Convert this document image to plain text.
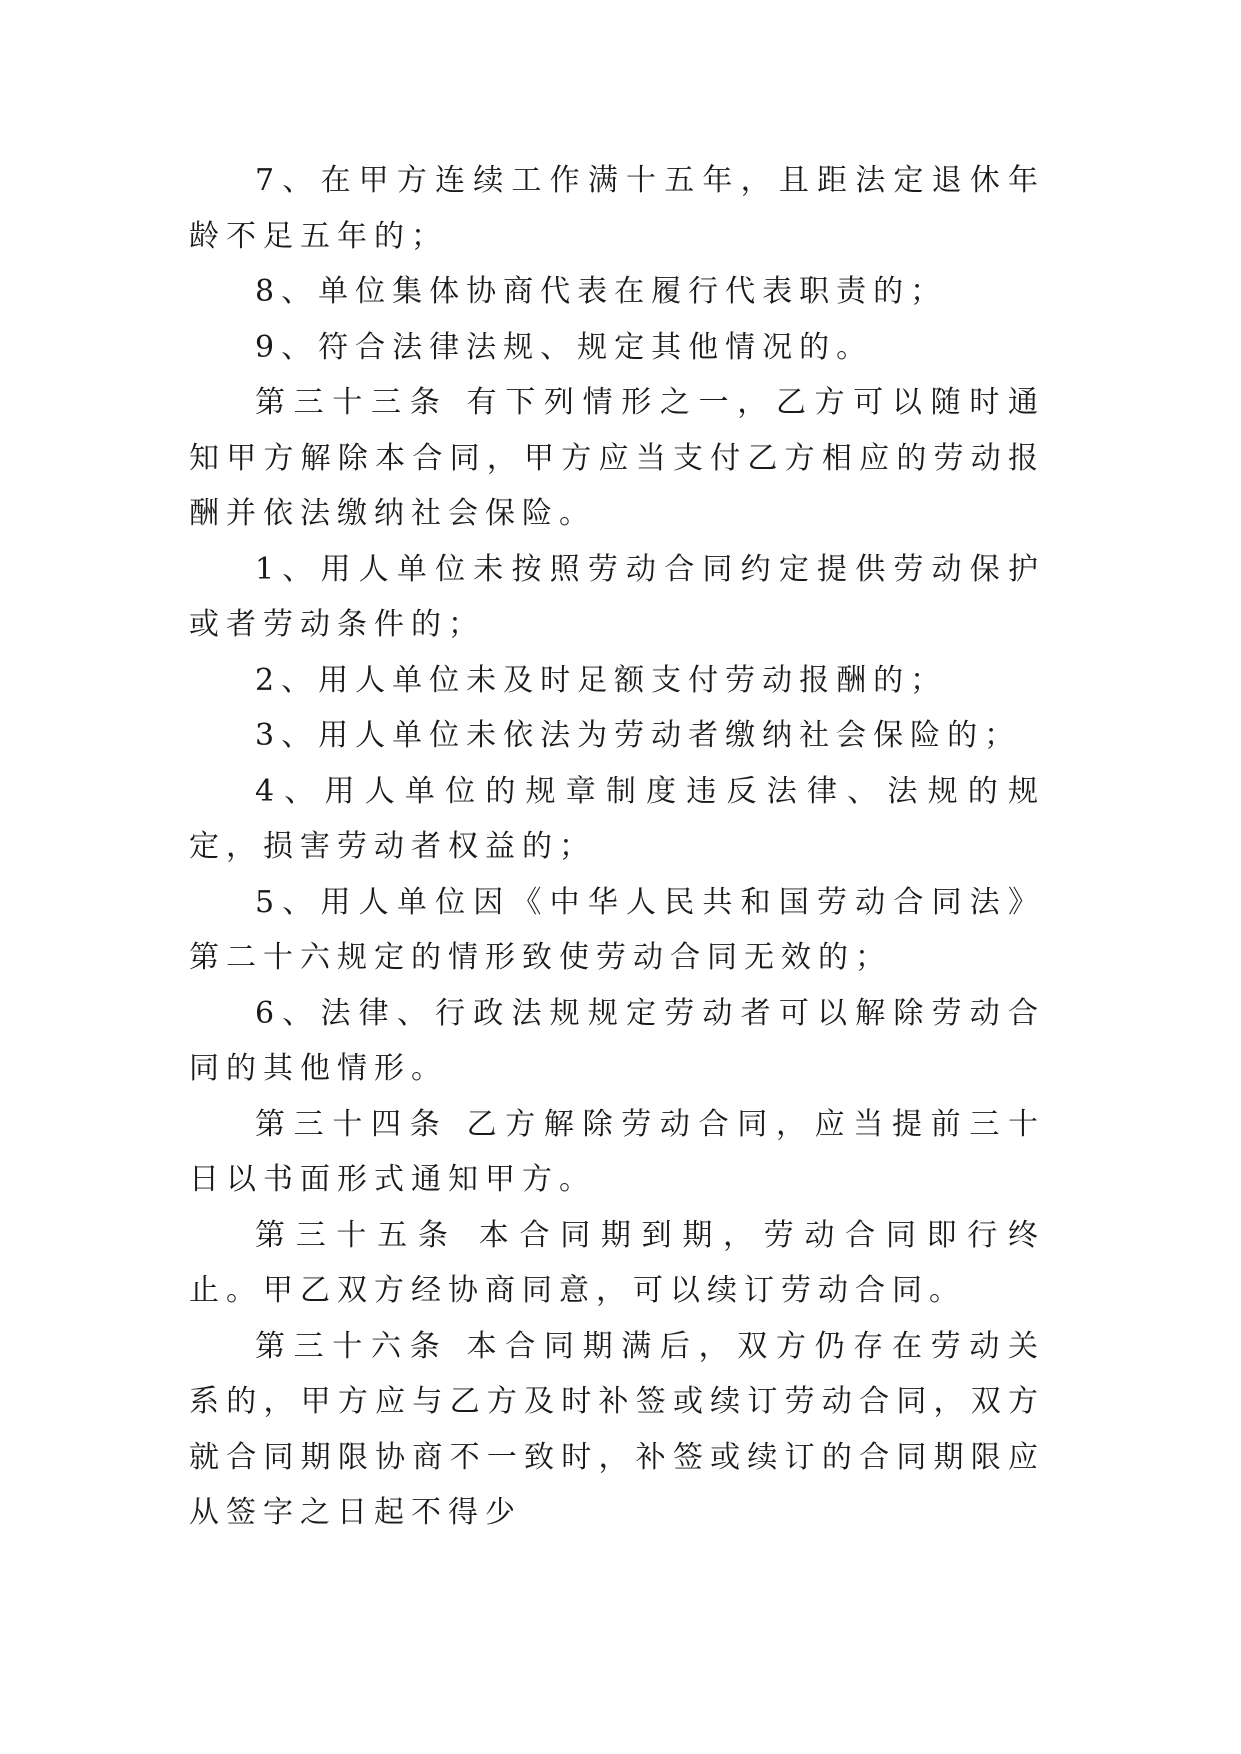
7、在甲方连续工作满十五年，且距法定退休年龄不足五年的；

8、单位集体协商代表在履行代表职责的；

9、符合法律法规、规定其他情况的。

第三十三条 有下列情形之一，乙方可以随时通知甲方解除本合同，甲方应当支付乙方相应的劳动报酬并依法缴纳社会保险。

1、用人单位未按照劳动合同约定提供劳动保护或者劳动条件的；

2、用人单位未及时足额支付劳动报酬的；

3、用人单位未依法为劳动者缴纳社会保险的；

4、用人单位的规章制度违反法律、法规的规定，损害劳动者权益的；

5、用人单位因《中华人民共和国劳动合同法》第二十六规定的情形致使劳动合同无效的；

6、法律、行政法规规定劳动者可以解除劳动合同的其他情形。

第三十四条 乙方解除劳动合同，应当提前三十日以书面形式通知甲方。

第三十五条 本合同期到期，劳动合同即行终止。甲乙双方经协商同意，可以续订劳动合同。

第三十六条 本合同期满后，双方仍存在劳动关系的，甲方应与乙方及时补签或续订劳动合同，双方就合同期限协商不一致时，补签或续订的合同期限应从签字之日起不得少
